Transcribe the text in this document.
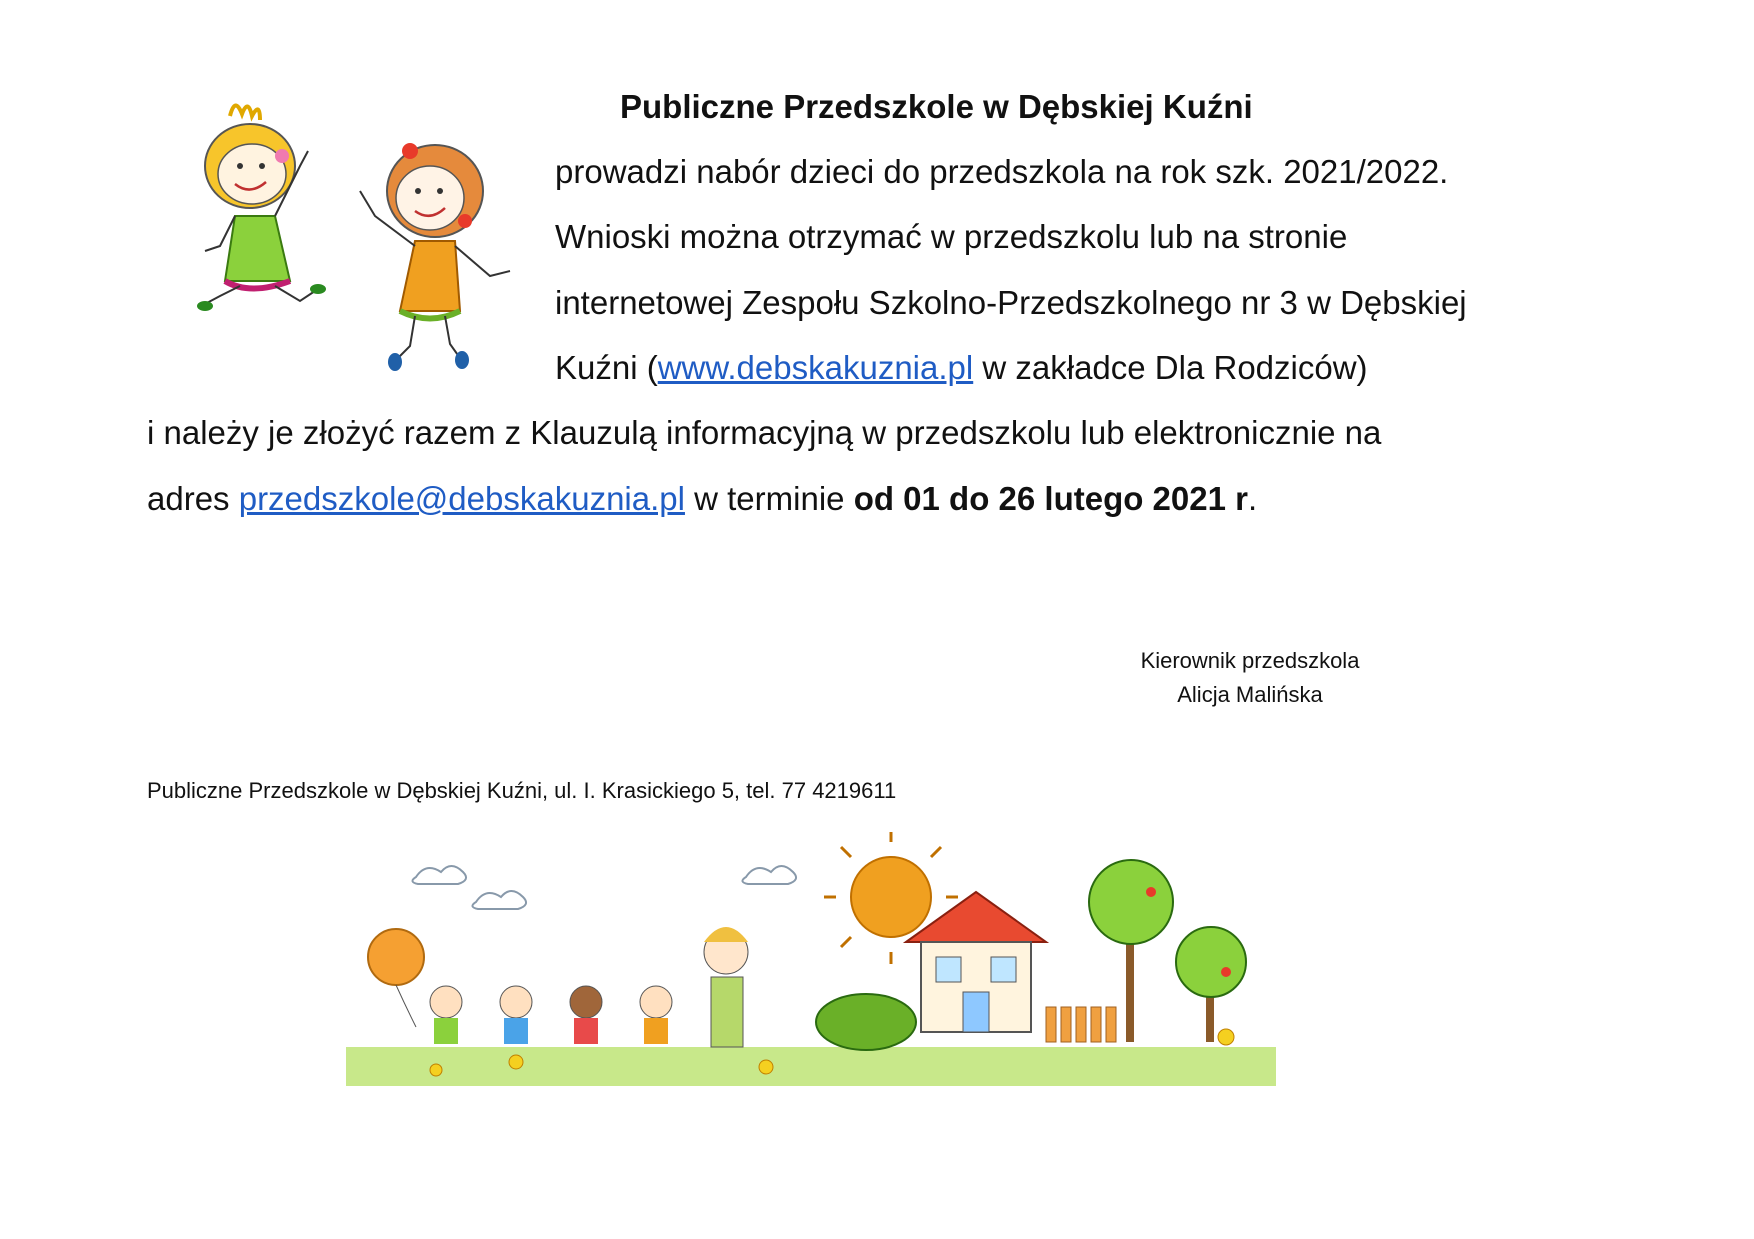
Publiczne Przedszkole w Dębskiej Kuźni
prowadzi nabór dzieci do przedszkola na rok szk. 2021/2022.
Wnioski można otrzymać w przedszkolu lub na stronie
internetowej Zespołu Szkolno-Przedszkolnego nr 3 w Dębskiej
Kuźni (www.debskakuznia.pl w zakładce Dla Rodziców)
i należy je złożyć razem z Klauzulą informacyjną w przedszkolu lub elektronicznie na
adres przedszkole@debskakuznia.pl w terminie od 01 do 26 lutego 2021 r.
Kierownik przedszkola
Alicja Malińska
Publiczne Przedszkole w Dębskiej Kuźni, ul. I. Krasickiego 5, tel. 77 4219611
